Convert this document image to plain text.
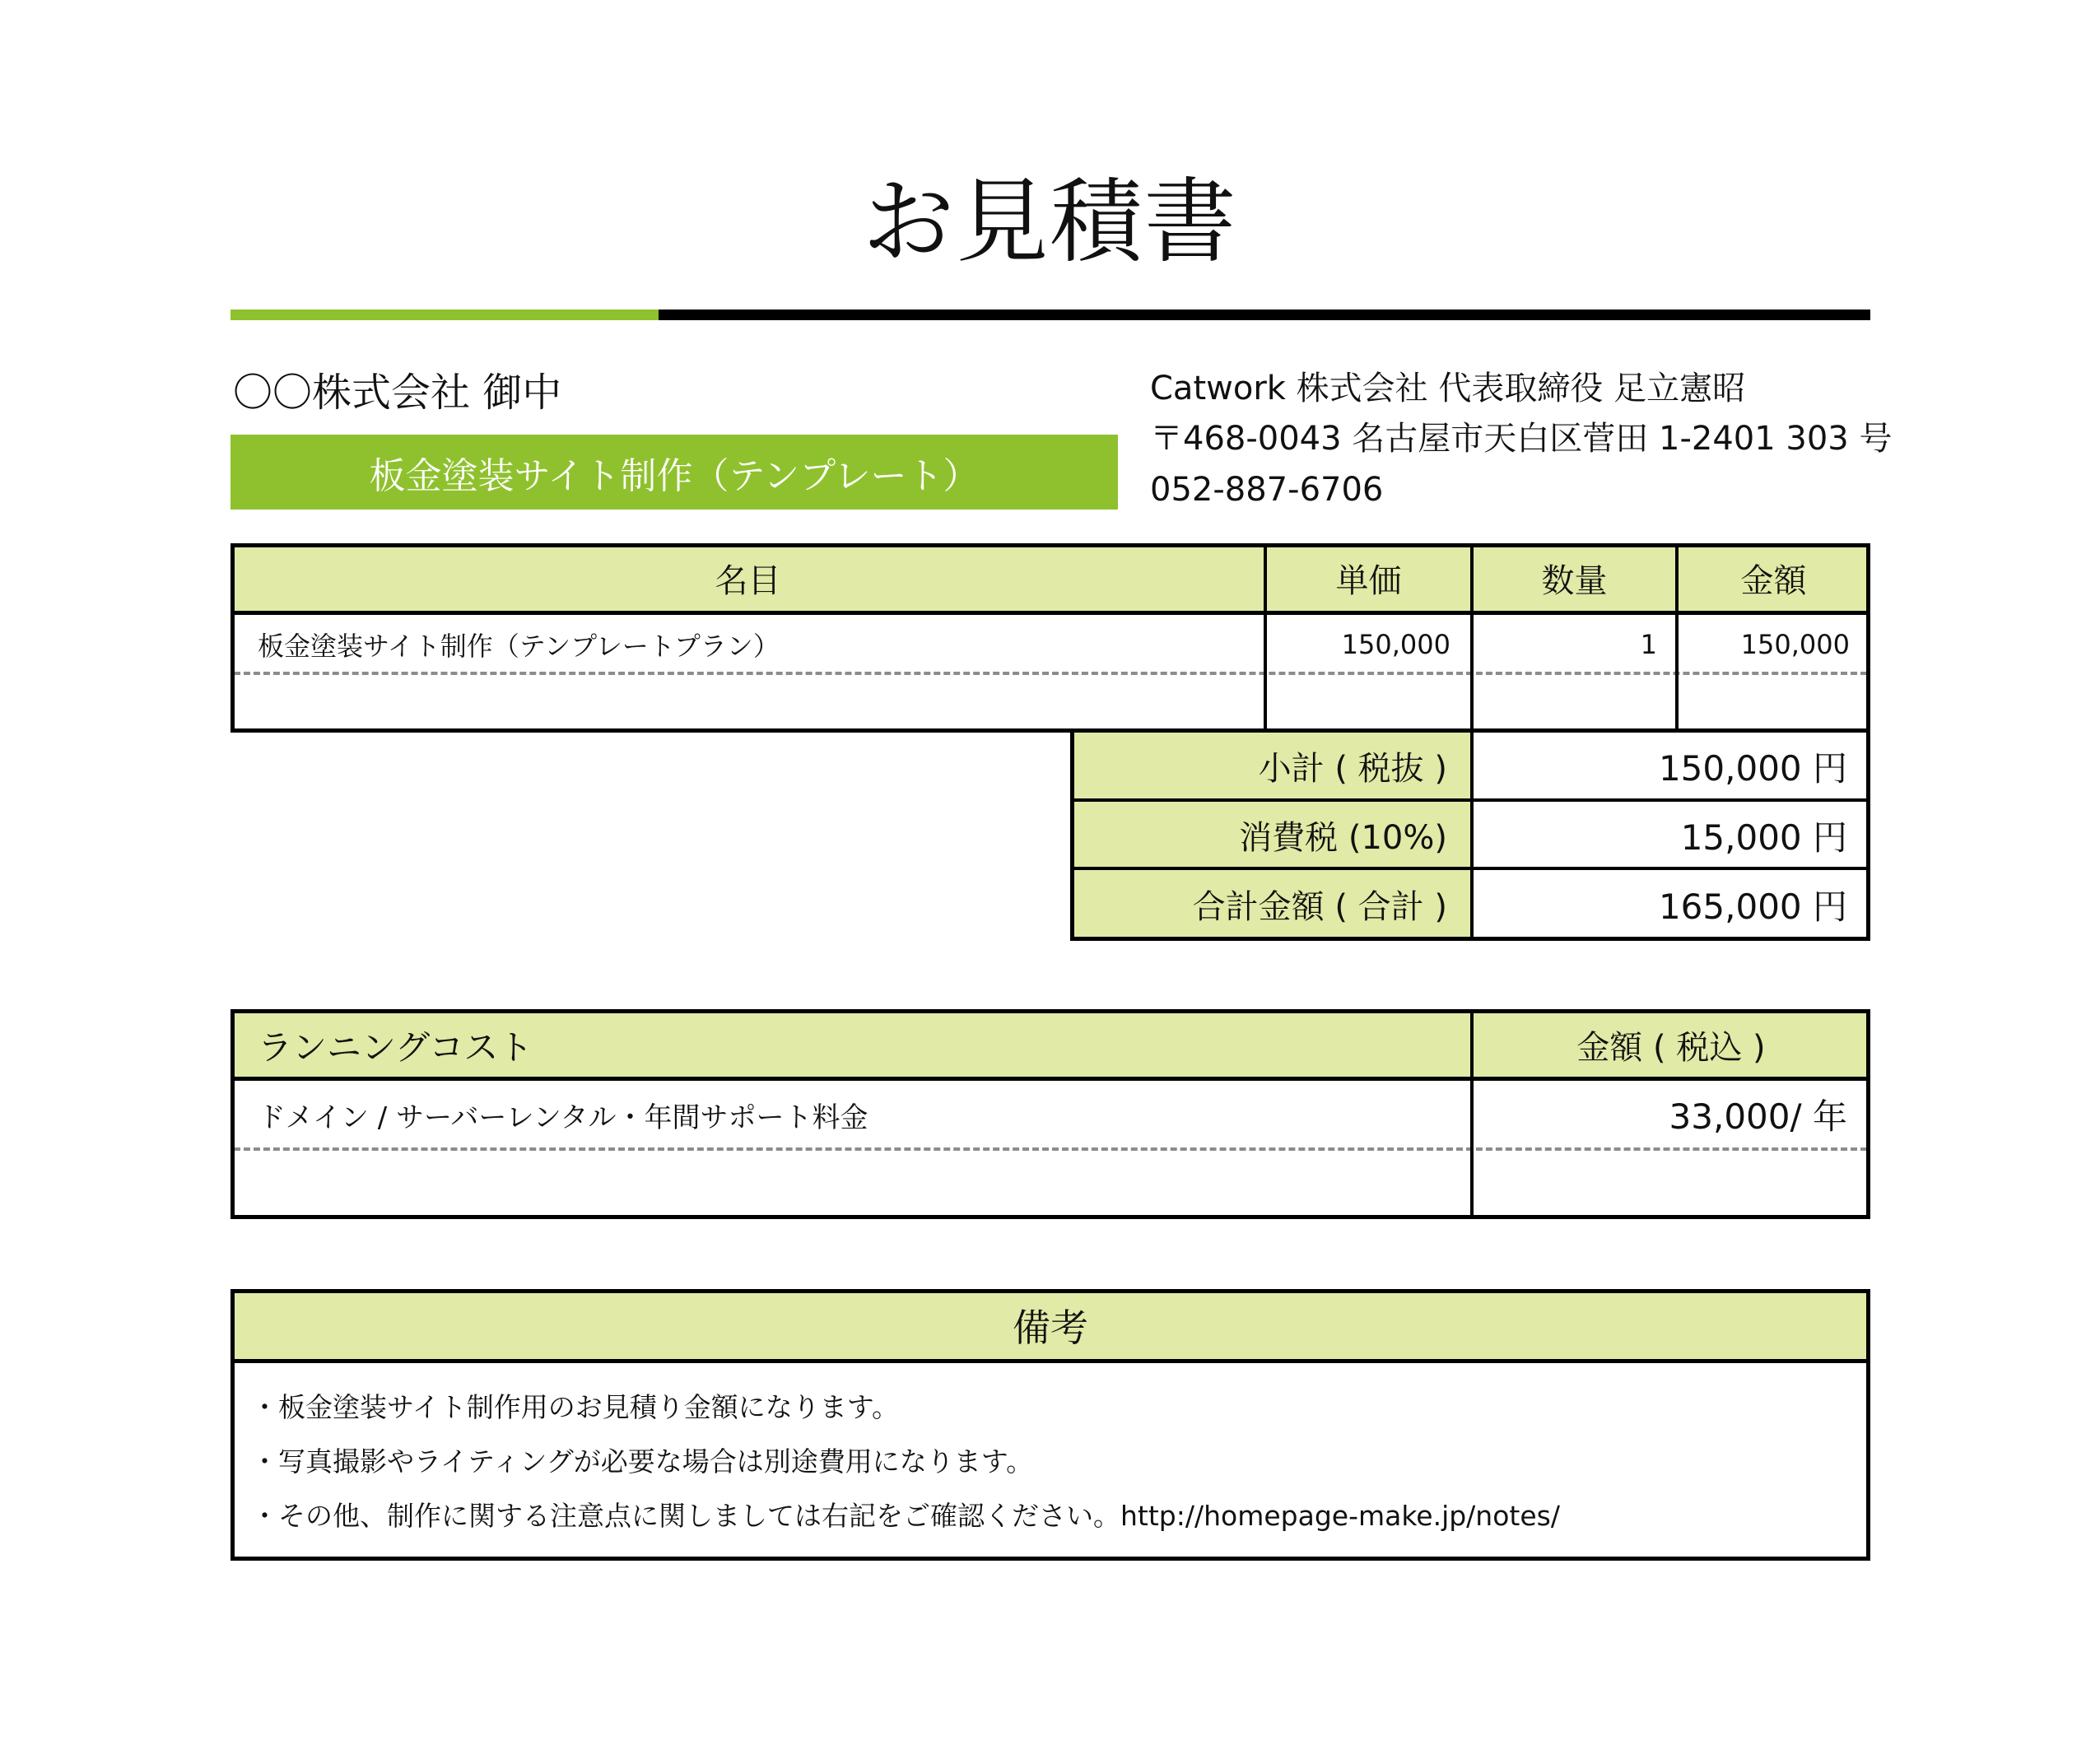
お見積書
〇〇株式会社 御中
板金塗装サイト制作（テンプレート）
Catwork 株式会社 代表取締役 足立憲昭
〒468-0043 名古屋市天白区菅田 1-2401 303 号
052-887-6706
名目	単価	数量	金額
板金塗装サイト制作（テンプレートプラン）	150,000	1	150,000
小計 ( 税抜 )	150,000 円
消費税 (10%)	15,000 円
合計金額 ( 合計 )	165,000 円
ランニングコスト	金額 ( 税込 )
ドメイン / サーバーレンタル・年間サポート料金	33,000/ 年
備考
・板金塗装サイト制作用のお見積り金額になります。
・写真撮影やライティングが必要な場合は別途費用になります。
・その他、制作に関する注意点に関しましては右記をご確認ください。http://homepage-make.jp/notes/
